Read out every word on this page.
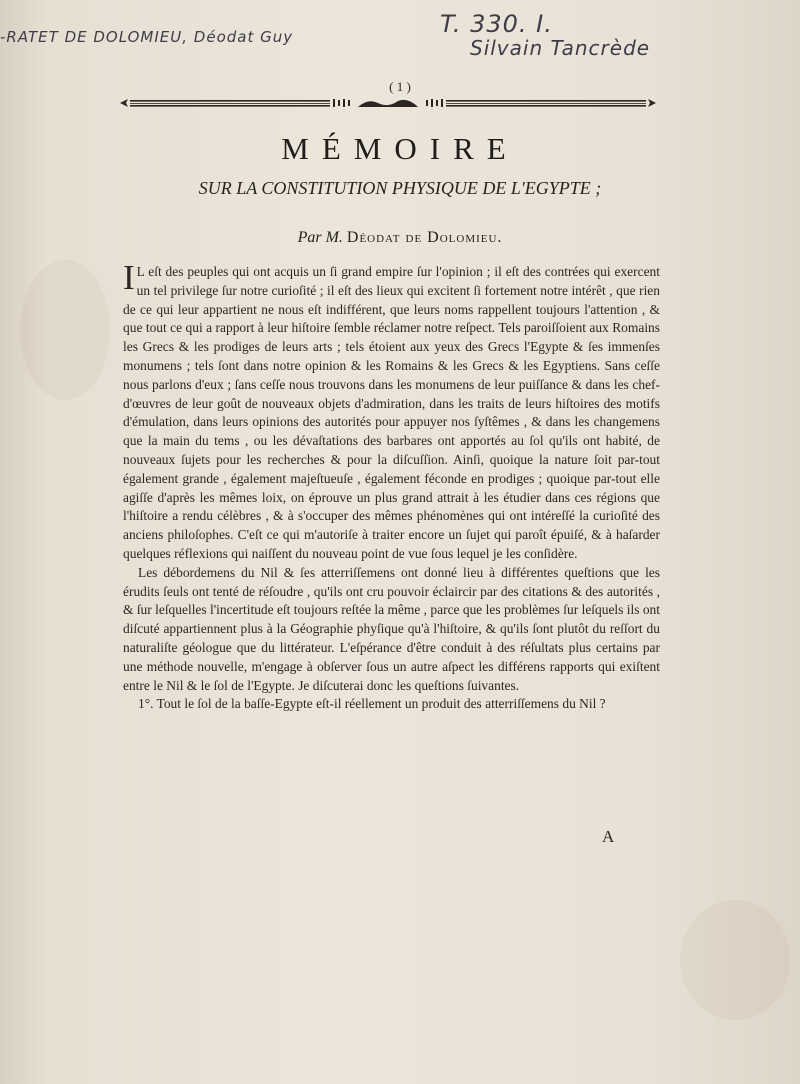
-RATET DE DOLOMIEU, Déodat Guy	T. 330. I.
Silvain Tancrède
( 1 )
MÉMOIRE
SUR LA CONSTITUTION PHYSIQUE DE L'EGYPTE ;
Par M. Déodat de Dolomieu.

I L eſt des peuples qui ont acquis un ſi grand empire ſur l'opinion ; il eſt des contrées qui exercent un tel privilege ſur notre curioſité ; il eſt des lieux qui excitent ſi fortement notre intérêt , que rien de ce qui leur appartient ne nous eſt indifférent, que leurs noms rappellent toujours l'attention , & que tout ce qui a rapport à leur hiſtoire ſemble réclamer notre reſpect. Tels paroiſſoient aux Romains les Grecs & les prodiges de leurs arts ; tels étoient aux yeux des Grecs l'Egypte & ſes immenſes monumens ; tels ſont dans notre opinion & les Romains & les Grecs & les Egyptiens. Sans ceſſe nous parlons d'eux ; ſans ceſſe nous trouvons dans les monumens de leur puiſſance & dans les chef-d'œuvres de leur goût de nouveaux objets d'admiration, dans les traits de leurs hiſtoires des motifs d'émulation, dans leurs opinions des autorités pour appuyer nos ſyſtêmes , & dans les changemens que la main du tems , ou les dévaſtations des barbares ont apportés au ſol qu'ils ont habité, de nouveaux ſujets pour les recherches & pour la diſcuſſion. Ainſi, quoique la nature ſoit par-tout également grande , également majeſtueuſe , également féconde en prodiges ; quoique par-tout elle agiſſe d'après les mêmes loix, on éprouve un plus grand attrait à les étudier dans ces régions que l'hiſtoire a rendu célèbres , & à s'occuper des mêmes phénomènes qui ont intéreſſé la curioſité des anciens philoſophes. C'eſt ce qui m'autoriſe à traiter encore un ſujet qui paroît épuiſé, & à haſarder quelques réflexions qui naiſſent du nouveau point de vue ſous lequel je les conſidère.

Les débordemens du Nil & ſes atterriſſemens ont donné lieu à différentes queſtions que les érudits ſeuls ont tenté de réſoudre , qu'ils ont cru pouvoir éclaircir par des citations & des autorités , & ſur leſquelles l'incertitude eſt toujours reſtée la même , parce que les problèmes ſur leſquels ils ont diſcuté appartiennent plus à la Géographie phyſique qu'à l'hiſtoire, & qu'ils ſont plutôt du reſſort du naturaliſte géologue que du littérateur. L'eſpérance d'être conduit à des réſultats plus certains par une méthode nouvelle, m'engage à obſerver ſous un autre aſpect les différens rapports qui exiſtent entre le Nil & le ſol de l'Egypte. Je diſcuterai donc les queſtions ſuivantes.

1°. Tout le ſol de la baſſe-Egypte eſt-il réellement un produit des atterriſſemens du Nil ?

A
